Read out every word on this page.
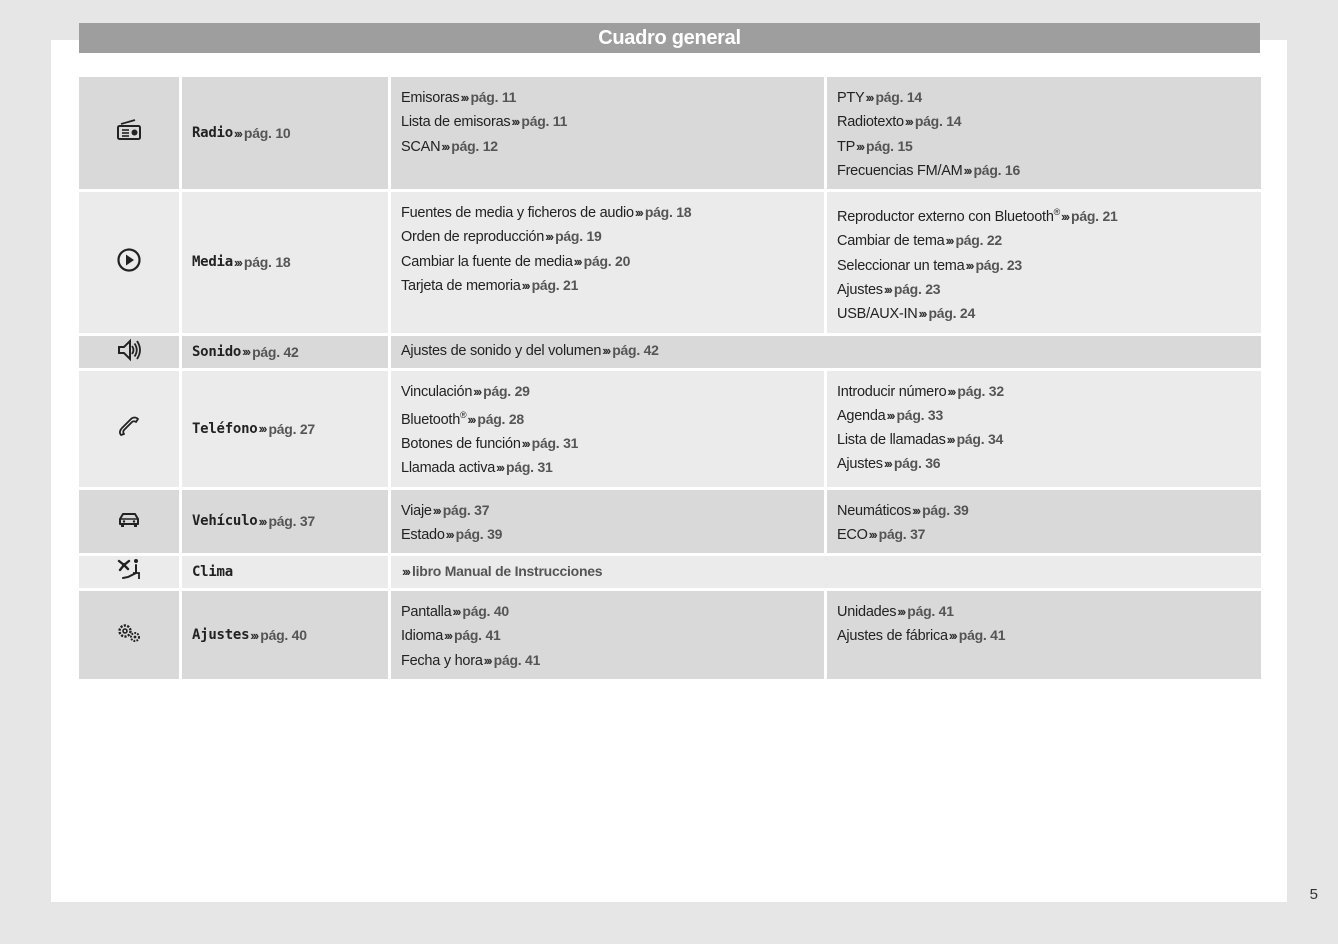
Cuadro general
Radio ››› pág. 10
Emisoras››› pág. 11
Lista de emisoras››› pág. 11
SCAN››› pág. 12
PTY››› pág. 14
Radiotexto››› pág. 14
TP››› pág. 15
Frecuencias FM/AM››› pág. 16
Media ››› pág. 18
Fuentes de media y ficheros de audio››› pág. 18
Orden de reproducción››› pág. 19
Cambiar la fuente de media››› pág. 20
Tarjeta de memoria››› pág. 21
Reproductor externo con Bluetooth®››› pág. 21
Cambiar de tema››› pág. 22
Seleccionar un tema››› pág. 23
Ajustes››› pág. 23
USB/AUX-IN››› pág. 24
Sonido ››› pág. 42	Ajustes de sonido y del volumen››› pág. 42
Teléfono ››› pág. 27
Vinculación››› pág. 29
Bluetooth®››› pág. 28
Botones de función››› pág. 31
Llamada activa››› pág. 31
Introducir número››› pág. 32
Agenda››› pág. 33
Lista de llamadas››› pág. 34
Ajustes››› pág. 36
Vehículo ››› pág. 37
Viaje››› pág. 37
Estado››› pág. 39
Neumáticos››› pág. 39
ECO››› pág. 37
Clima	››› libro Manual de Instrucciones
Ajustes ››› pág. 40
Pantalla››› pág. 40
Idioma››› pág. 41
Fecha y hora››› pág. 41
Unidades››› pág. 41
Ajustes de fábrica››› pág. 41
5
